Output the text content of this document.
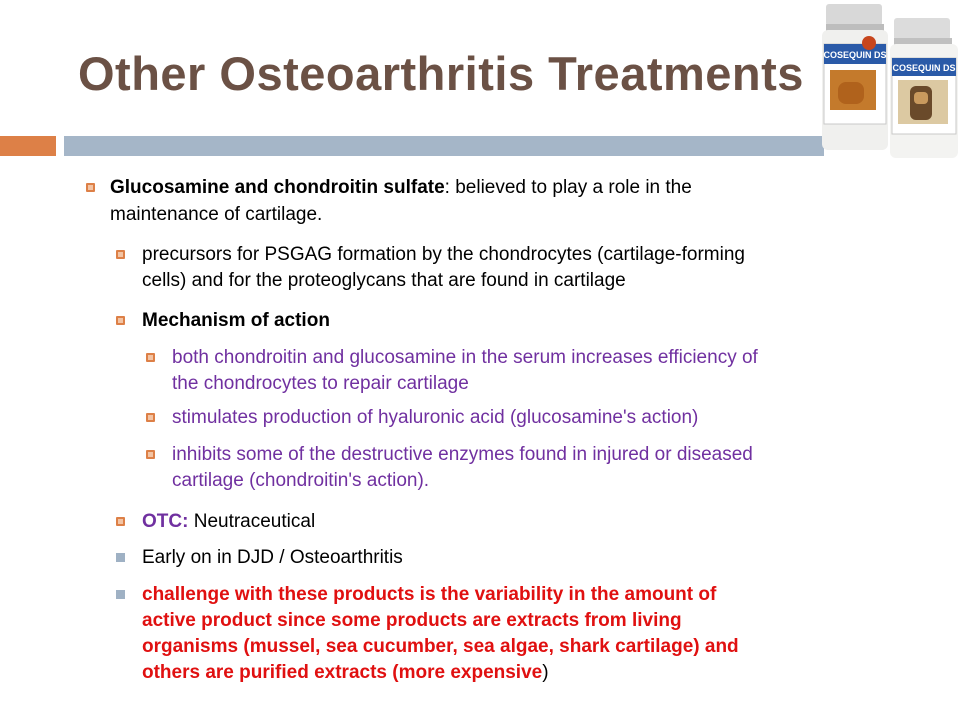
Other Osteoarthritis Treatments COSEQUIN DS
COSEQUIN DS
Glucosamine and chondroitin sulfate: believed to play a role in the
maintenance of cartilage.
precursors for PSGAG formation by the chondrocytes (cartilage-forming
cells) and for the proteoglycans that are found in cartilage
Mechanism of action
both chondroitin and glucosamine in the serum increases efficiency of
the chondrocytes to repair cartilage
stimulates production of hyaluronic acid (glucosamine's action)
inhibits some of the destructive enzymes found in injured or diseased
cartilage (chondroitin's action).
OTC: Neutraceutical
Early on in DJD / Osteoarthritis
challenge with these products is the variability in the amount of
active product since some products are extracts from living
organisms (mussel, sea cucumber, sea algae, shark cartilage) and
others are purified extracts (more expensive)
